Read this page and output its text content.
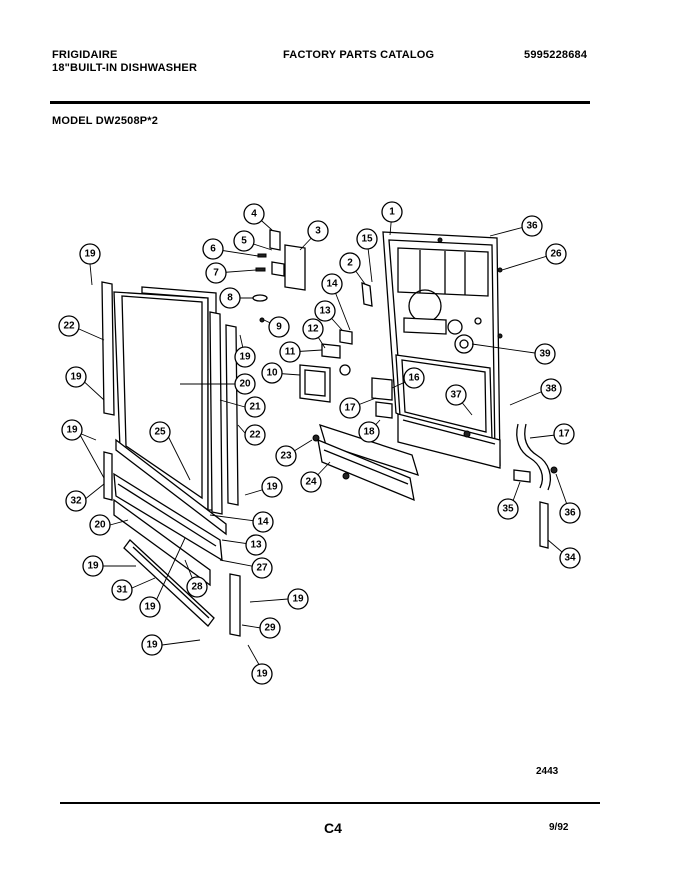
FRIGIDAIRE
18"BUILT-IN DISHWASHER
FACTORY PARTS CATALOG	5995228684
MODEL DW2508P*2
1
2
3
4
5
6
7
8
9
10
11
12
13
13
14
14
15
16
17
17
18
19
19
19
19
19
19
19
19
19
19
20
20
21
22
22
23
24
25
26
27
28
29
31
32
34
35
36
36
37
38
39
2443
C4	9/92
